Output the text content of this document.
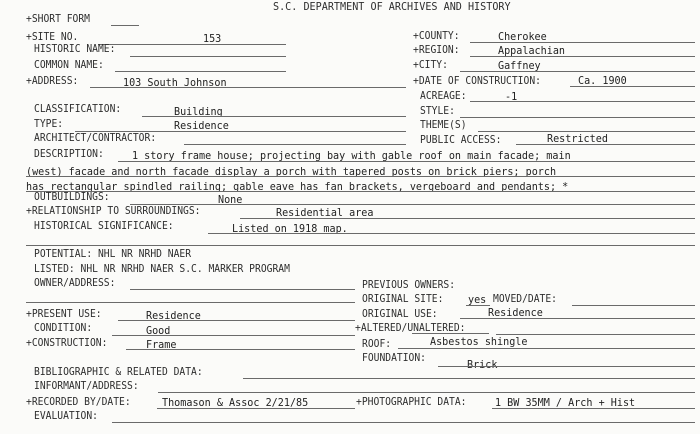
S.C. DEPARTMENT OF ARCHIVES AND HISTORY
+SHORT FORM
+SITE NO.	153	+COUNTY:	Cherokee
HISTORIC NAME:	+REGION:	Appalachian
COMMON NAME:	+CITY:	Gaffney
+ADDRESS:	103 South Johnson	+DATE OF CONSTRUCTION:	Ca. 1900
ACREAGE:	-1
CLASSIFICATION:	Building	STYLE:
TYPE:	Residence	THEME(S)
ARCHITECT/CONTRACTOR:	PUBLIC ACCESS:	Restricted
DESCRIPTION:	1 story frame house; projecting bay with gable roof on main facade; main
(west) facade and north facade display a porch with tapered posts on brick piers; porch
has rectangular spindled railing; gable eave has fan brackets, vergeboard and pendants; *
OUTBUILDINGS:	None
+RELATIONSHIP TO SURROUNDINGS:	Residential area
HISTORICAL SIGNIFICANCE:	Listed on 1918 map.
POTENTIAL: NHL NR NRHD NAER
LISTED: NHL NR NRHD NAER S.C. MARKER PROGRAM
OWNER/ADDRESS:	PREVIOUS OWNERS:
ORIGINAL SITE: yes MOVED/DATE:
+PRESENT USE:	Residence	ORIGINAL USE:	Residence
CONDITION:	Good	+ALTERED/UNALTERED:
+CONSTRUCTION:	Frame	ROOF:	Asbestos shingle
FOUNDATION:	Brick
BIBLIOGRAPHIC & RELATED DATA:
INFORMANT/ADDRESS:
+RECORDED BY/DATE:	Thomason & Assoc 2/21/85	+PHOTOGRAPHIC DATA:	1 BW 35MM / Arch + Hist
EVALUATION:
